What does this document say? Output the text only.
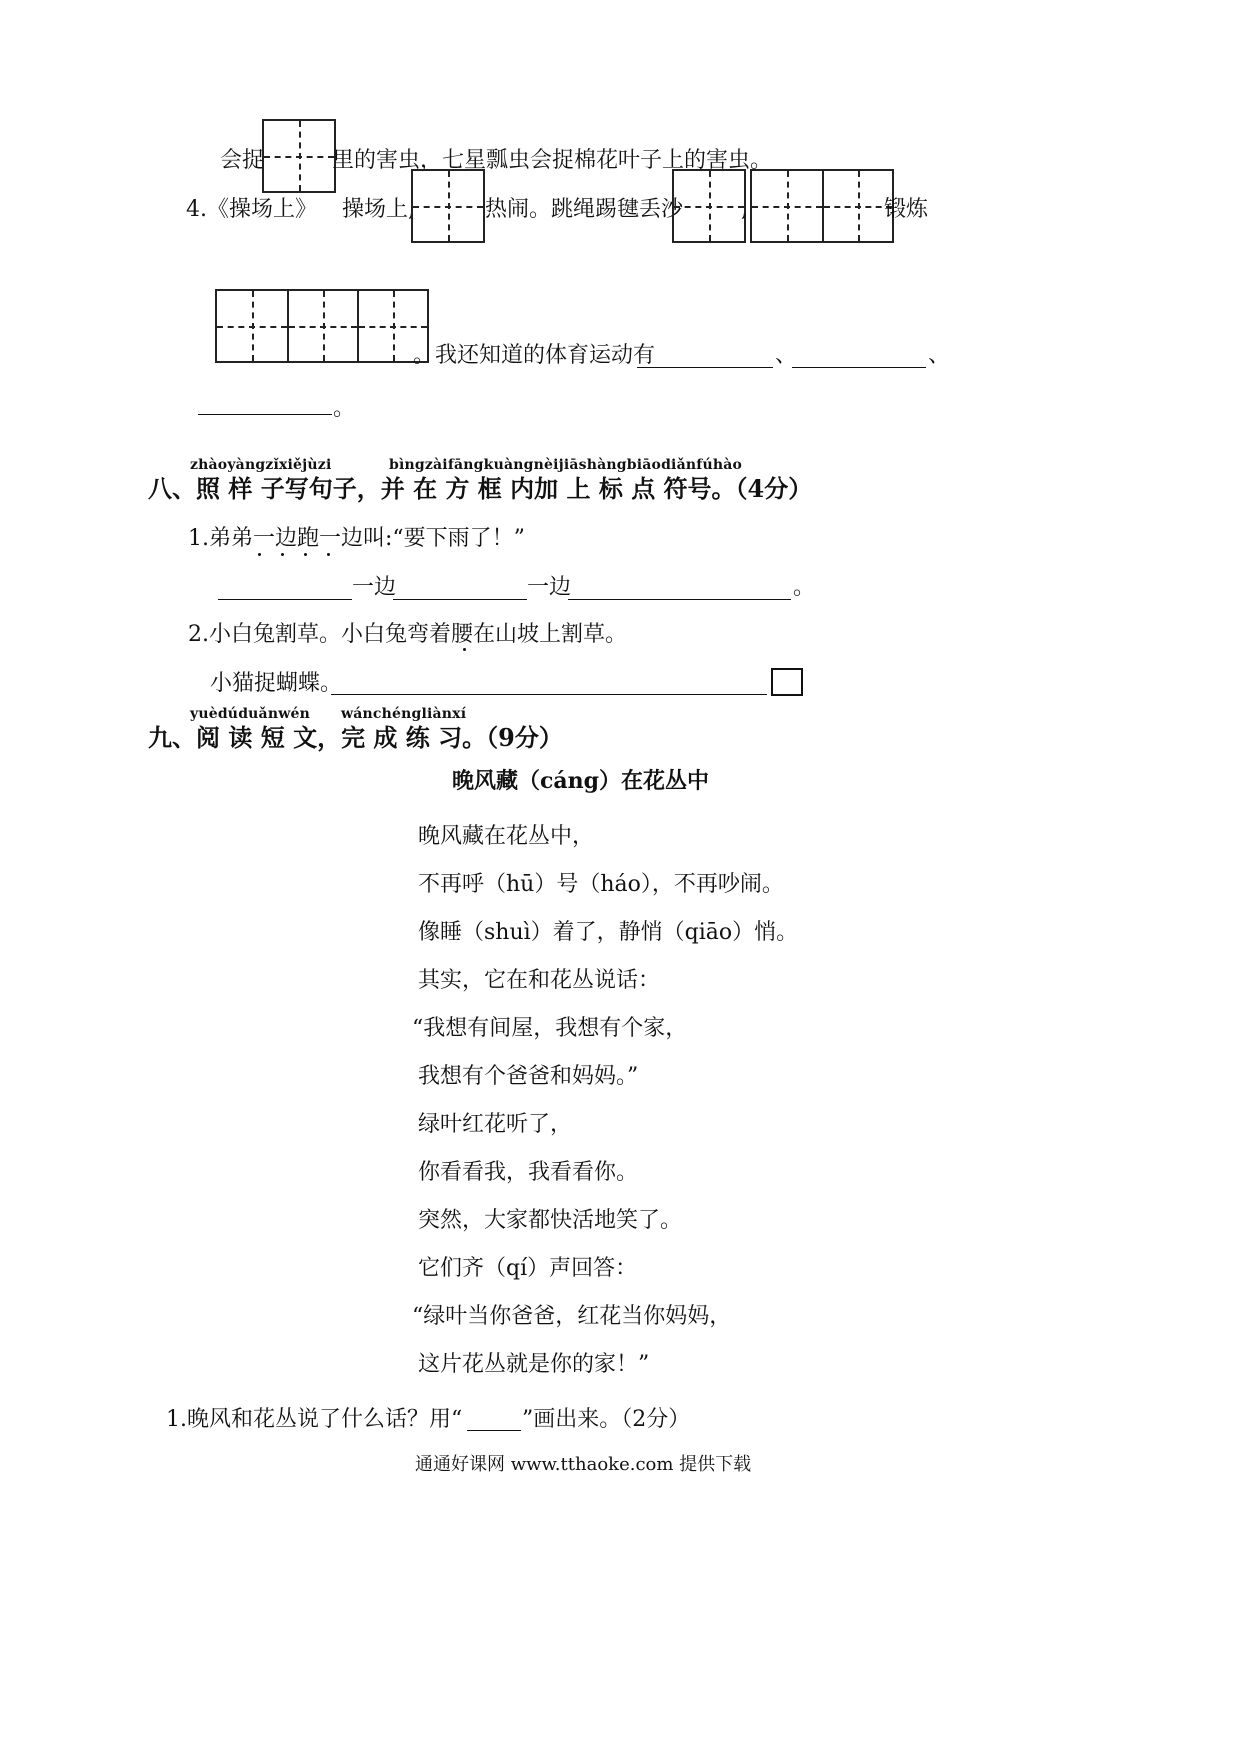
会捉	里的害虫，七星瓢虫会捉棉花叶子上的害虫。
4.《操场上》 操场上,	热闹。跳绳踢毽丢沙	,	锻炼
。我还知道的体育运动有	、	、
。
zhàoyàngzǐxiějùzi	bìngzàifāngkuàngnèijiāshàngbiāodiǎnfúhào
八、照 样 子写句子，并 在 方 框 内加 上 标 点 符号。（4分）
1.弟弟一边跑一边叫:“要下雨了！”
一边	一边	。
2.小白兔割草。小白兔弯着腰在山坡上割草。
小猫捉蝴蝶。
yuèdúduǎnwén wánchéngliànxí
九、阅 读 短 文，完 成 练 习。（9分）
晚风藏（cáng）在花丛中
晚风藏在花丛中，
不再呼（hū）号（háo），不再吵闹。
像睡（shuì）着了，静悄（qiāo）悄。
其实，它在和花丛说话：
“我想有间屋，我想有个家，
我想有个爸爸和妈妈。”
绿叶红花听了，
你看看我，我看看你。
突然，大家都快活地笑了。
它们齐（qí）声回答：
“绿叶当你爸爸，红花当你妈妈，
这片花丛就是你的家！”
1.晚风和花丛说了什么话？用“	”画出来。（2分）
通通好课网 www.tthaoke.com 提供下载
